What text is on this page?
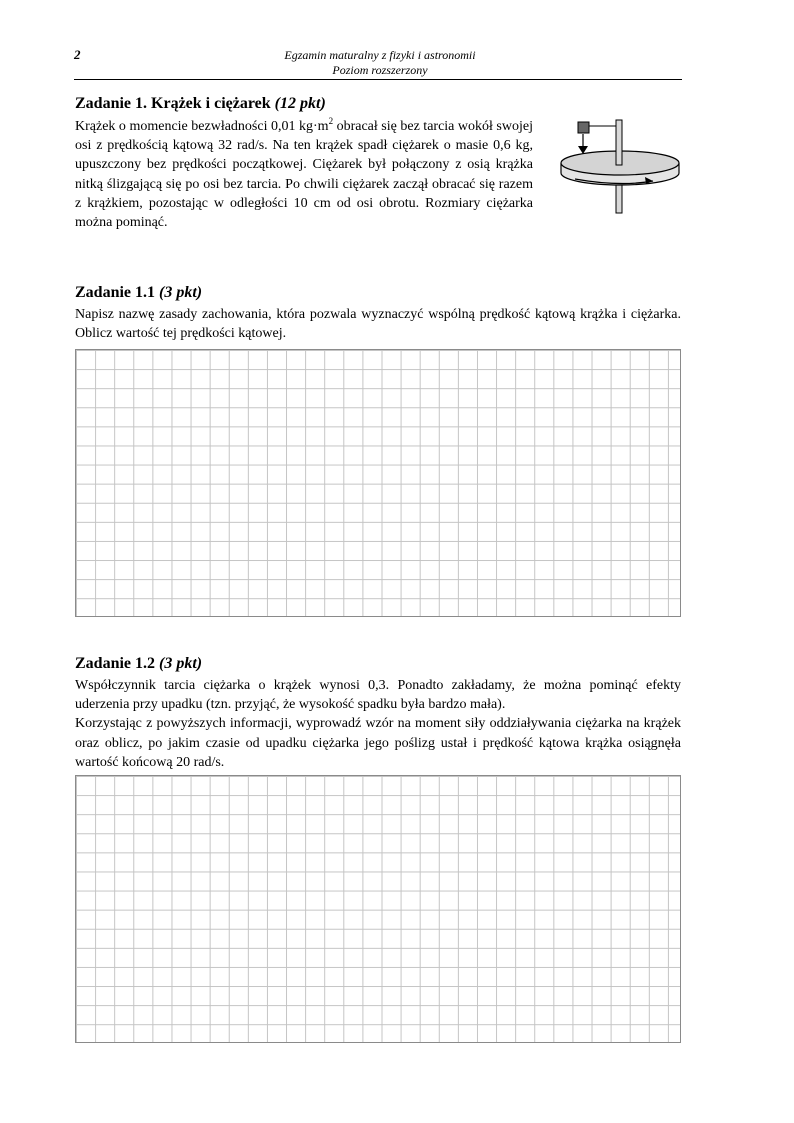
2	Egzamin maturalny z fizyki i astronomii
Poziom rozszerzony
Zadanie 1. Krążek i ciężarek (12 pkt)

Krążek o momencie bezwładności 0,01 $kg\cdot m^2$ obracał się bez tarcia wokół swojej osi z prędkością kątową 32 rad/s. Na ten krążek spadł ciężarek o masie 0,6 kg, upuszczony bez prędkości początkowej. Ciężarek był połączony z osią krążka nitką ślizgającą się po osi bez tarcia. Po chwili ciężarek zaczął obracać się razem z krążkiem, pozostając w odległości 10 cm od osi obrotu. Rozmiary ciężarka można pominąć.

Zadanie 1.1 (3 pkt)

Napisz nazwę zasady zachowania, która pozwala wyznaczyć wspólną prędkość kątową krążka i ciężarka. Oblicz wartość tej prędkości kątowej.

Zadanie 1.2 (3 pkt)
Współczynnik tarcia ciężarka o krążek wynosi 0,3. Ponadto zakładamy, że można pominąć efekty uderzenia przy upadku (tzn. przyjąć, że wysokość spadku była bardzo mała).
Korzystając z powyższych informacji, wyprowadź wzór na moment siły oddziaływania ciężarka na krążek oraz oblicz, po jakim czasie od upadku ciężarka jego poślizg ustał i prędkość kątowa krążka osiągnęła wartość końcową 20 rad/s.
